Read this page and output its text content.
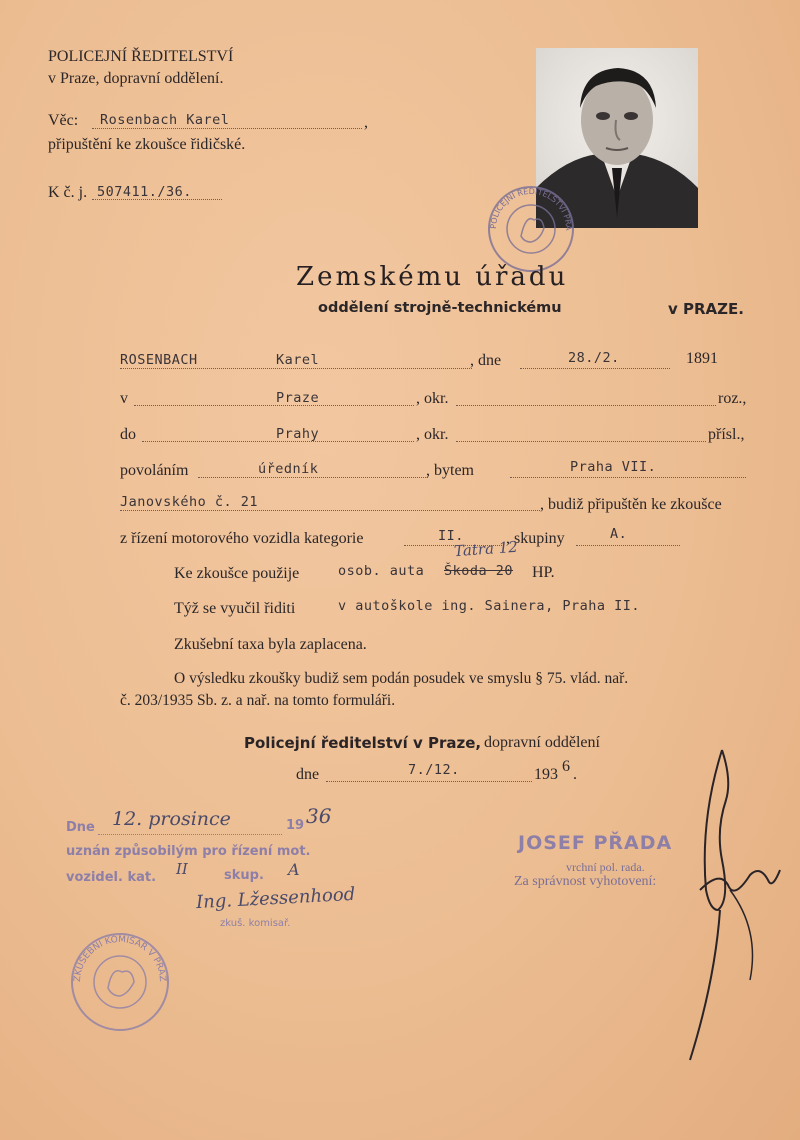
POLICEJNÍ ŘEDITELSTVÍ
v Praze, dopravní oddělení.
Věc: Rosenbach Karel	,
připuštění ke zkoušce řidičské.
K č. j. 507411./36.
POLICEJNÍ ŘEDITELSTVÍ PRA
Zemskému úřadu
oddělení strojně-technickému	v PRAZE.
ROSENBACH	Karel	, dne	28./2.	1891
v	Praze	, okr.	roz.,
do	Prahy	, okr.	přísl.,
povoláním	úředník	, bytem	Praha VII.
Janovského č. 21	, budiž připuštěn ke zkoušce
z řízení motorového vozidla kategorie	II.	, skupiny	A.
Ke zkoušce použije	osob. auta Škoda 20 HP.
Tatra 12
Týž se vyučil řiditi	v autoškole ing. Sainera, Praha II.
Zkušební taxa byla zaplacena.
O výsledku zkoušky budiž sem podán posudek ve smyslu § 75. vlád. nař.
č. 203/1935 Sb. z. a nař. na tomto formuláři.
Policejní ředitelství v Praze, dopravní oddělení
dne	7./12.	193 6 .
Dne 12. prosince	19 36
uznán způsobilým pro řízení mot.
vozidel. kat. II	skup. A
Ing. Lžessenhood
zkuš. komisař.
ZKUŠEBNÍ KOMISAŘ V PRAZ
JOSEF PŘADA
vrchní pol. rada.
Za správnost vyhotovení:
